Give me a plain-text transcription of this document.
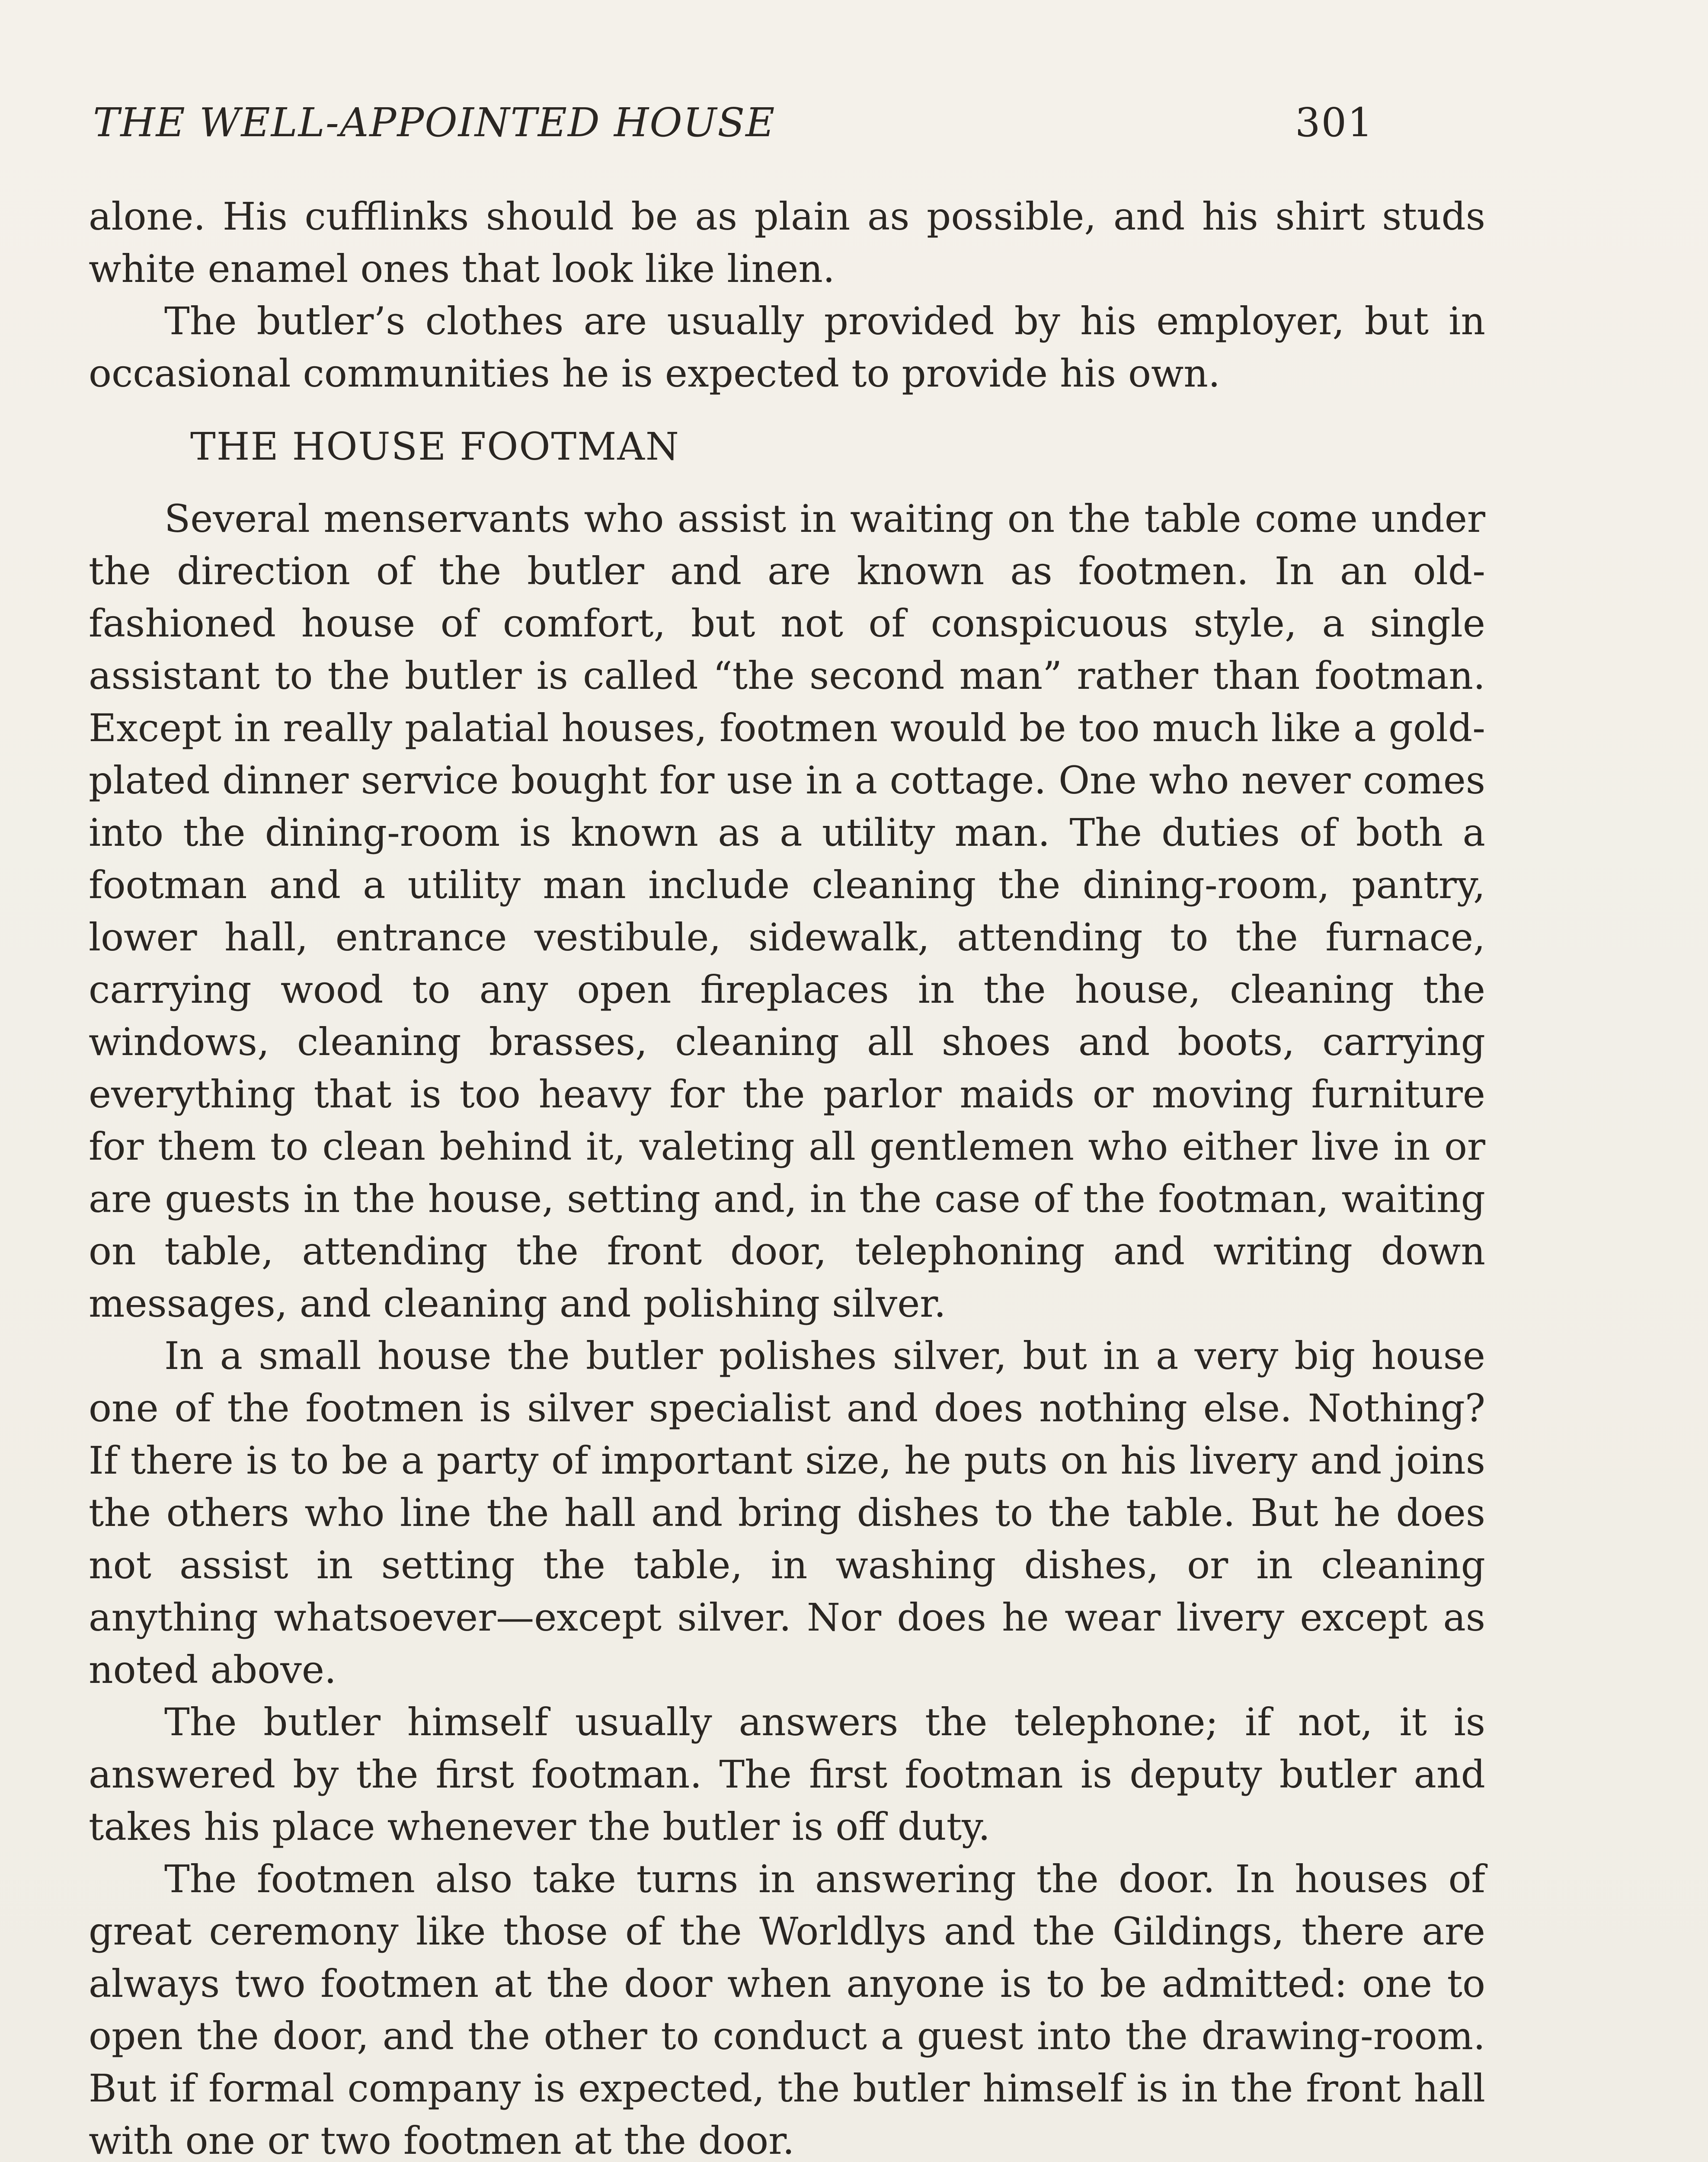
THE WELL-APPOINTED HOUSE	301

alone. His cufflinks should be as plain as possible, and his shirt studs white enamel ones that look like linen.

The butler’s clothes are usually provided by his employer, but in occasional communities he is expected to provide his own.

THE HOUSE FOOTMAN

Several menservants who assist in waiting on the table come under the direction of the butler and are known as footmen. In an old-fashioned house of comfort, but not of conspicuous style, a single assistant to the butler is called “the second man” rather than footman. Except in really palatial houses, footmen would be too much like a gold-plated dinner service bought for use in a cottage. One who never comes into the dining-room is known as a utility man. The duties of both a footman and a utility man include cleaning the dining-room, pantry, lower hall, entrance vestibule, sidewalk, attending to the furnace, carrying wood to any open fireplaces in the house, cleaning the windows, cleaning brasses, cleaning all shoes and boots, carrying everything that is too heavy for the parlor maids or moving furniture for them to clean behind it, valeting all gentlemen who either live in or are guests in the house, setting and, in the case of the footman, waiting on table, attending the front door, telephoning and writing down messages, and cleaning and polishing silver.

In a small house the butler polishes silver, but in a very big house one of the footmen is silver specialist and does nothing else. Nothing? If there is to be a party of important size, he puts on his livery and joins the others who line the hall and bring dishes to the table. But he does not assist in setting the table, in washing dishes, or in cleaning anything whatsoever—except silver. Nor does he wear livery except as noted above.

The butler himself usually answers the telephone; if not, it is answered by the first footman. The first footman is deputy butler and takes his place whenever the butler is off duty.

The footmen also take turns in answering the door. In houses of great ceremony like those of the Worldlys and the Gildings, there are always two footmen at the door when anyone is to be admitted: one to open the door, and the other to conduct a guest into the drawing-room. But if formal company is expected, the butler himself is in the front hall with one or two footmen at the door.
